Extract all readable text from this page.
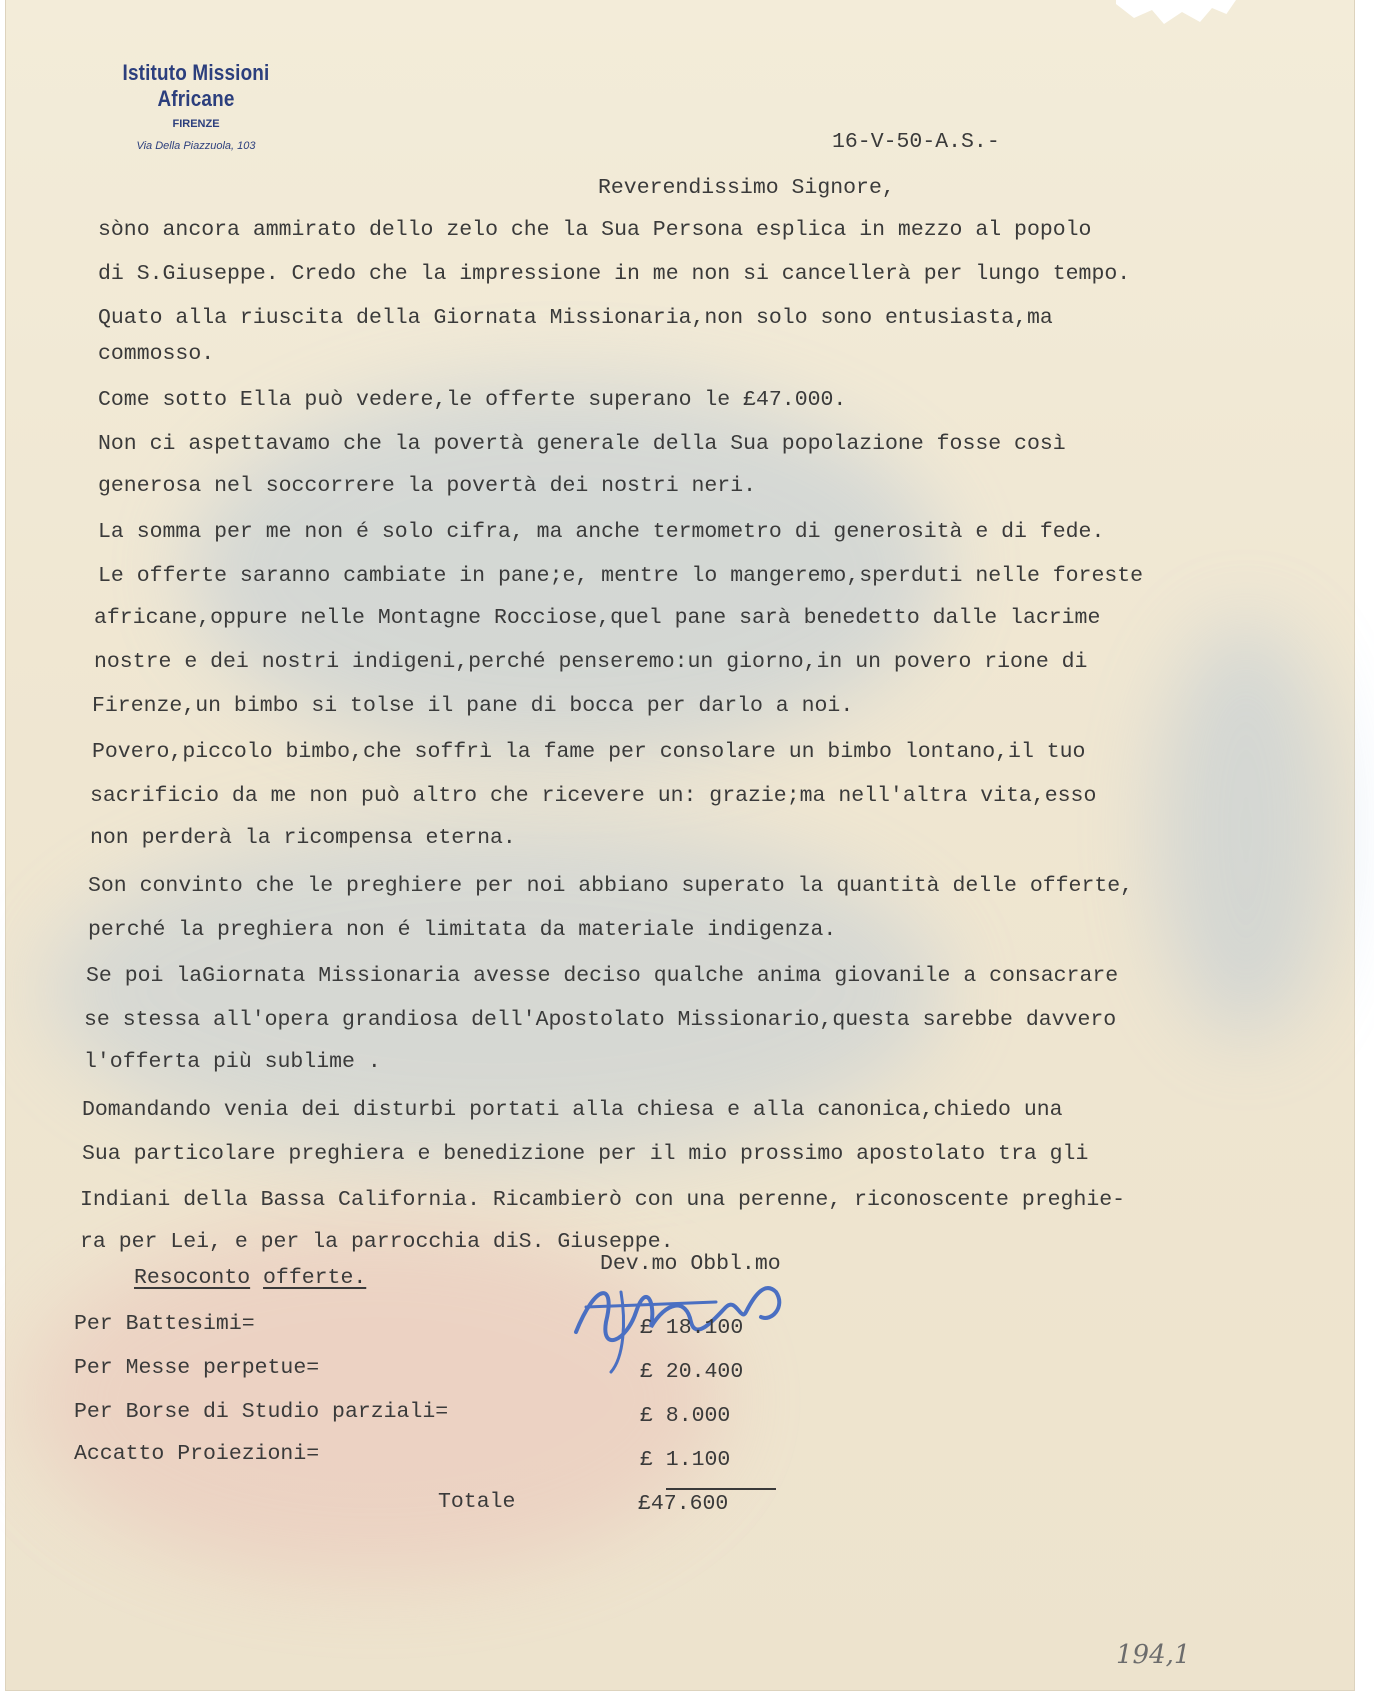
Istituto Missioni Africane
FIRENZE
Via Della Piazzuola, 103	16-V-50-A.S.-
Reverendissimo Signore,
sòno ancora ammirato dello zelo che la Sua Persona esplica in mezzo al popolo
di S.Giuseppe. Credo che la impressione in me non si cancellerà per lungo tempo.
Quato alla riuscita della Giornata Missionaria,non solo sono entusiasta,ma
commosso.
Come sotto Ella può vedere,le offerte superano le £47.000.
Non ci aspettavamo che la povertà generale della Sua popolazione fosse così
generosa nel soccorrere la povertà dei nostri neri.
La somma per me non é solo cifra, ma anche termometro di generosità e di fede.
Le offerte saranno cambiate in pane;e, mentre lo mangeremo,sperduti nelle foreste
africane,oppure nelle Montagne Rocciose,quel pane sarà benedetto dalle lacrime
nostre e dei nostri indigeni,perché penseremo:un giorno,in un povero rione di
Firenze,un bimbo si tolse il pane di bocca per darlo a noi.
Povero,piccolo bimbo,che soffrì la fame per consolare un bimbo lontano,il tuo
sacrificio da me non può altro che ricevere un: grazie;ma nell'altra vita,esso
non perderà la ricompensa eterna.
Son convinto che le preghiere per noi abbiano superato la quantità delle offerte,
perché la preghiera non é limitata da materiale indigenza.
Se poi laGiornata Missionaria avesse deciso qualche anima giovanile a consacrare
se stessa all'opera grandiosa dell'Apostolato Missionario,questa sarebbe davvero
l'offerta più sublime .
Domandando venia dei disturbi portati alla chiesa e alla canonica,chiedo una
Sua particolare preghiera e benedizione per il mio prossimo apostolato tra gli
Indiani della Bassa California. Ricambierò con una perenne, riconoscente preghie-
ra per Lei, e per la parrocchia diS. Giuseppe.
Dev.mo Obbl.mo
Resoconto offerte.
Per Battesimi=	£ 18.100
Per Messe perpetue=	£ 20.400
Per Borse di Studio parziali=	£ 8.000
Accatto Proiezioni=	£ 1.100
Totale	£47.600
194,1
